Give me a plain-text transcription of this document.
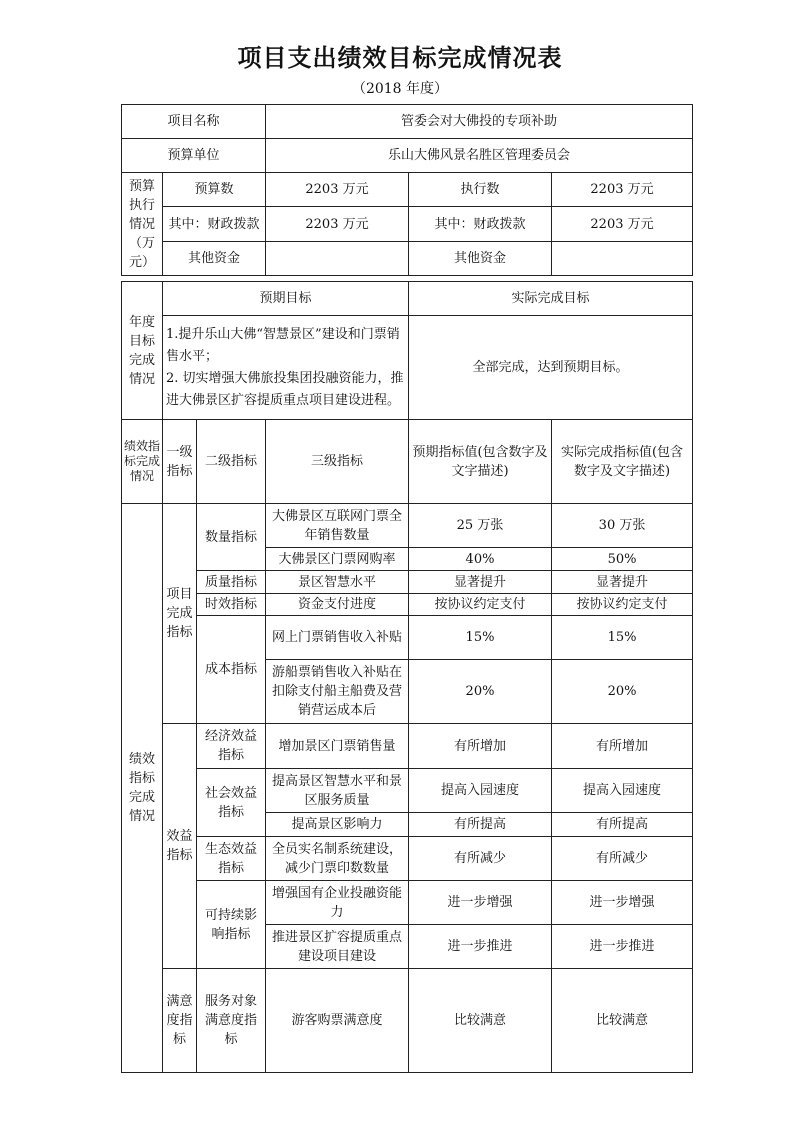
项目支出绩效目标完成情况表
（2018 年度）
项目名称			管委会对大佛投的专项补助		
预算单位			乐山大佛风景名胜区管理委员会		
预算执行情况（万元）	预算数		2203 万元	执行数	2203 万元
	其中：财政拨款		2203 万元	其中：财政拨款	2203 万元
	其他资金			其他资金	

年度目标完成情况	预期目标			实际完成目标	
	1.提升乐山大佛“智慧景区”建设和门票销售水平；
2. 切实增强大佛旅投集团投融资能力，推进大佛景区扩容提质重点项目建设进程。			全部完成，达到预期目标。	
绩效指标完成情况	一级指标	二级指标	三级指标	预期指标值(包含数字及文字描述)	实际完成指标值(包含数字及文字描述)
绩效指标完成情况	项目完成指标	数量指标	大佛景区互联网门票全年销售数量	25 万张	30 万张
			大佛景区门票网购率	40%	50%
		质量指标	景区智慧水平	显著提升	显著提升
		时效指标	资金支付进度	按协议约定支付	按协议约定支付
		成本指标	网上门票销售收入补贴	15%	15%
			游船票销售收入补贴在扣除支付船主船费及营销营运成本后	20%	20%
	效益指标	经济效益指标	增加景区门票销售量	有所增加	有所增加
		社会效益指标	提高景区智慧水平和景区服务质量	提高入园速度	提高入园速度
			提高景区影响力	有所提高	有所提高
		生态效益指标	全员实名制系统建设，减少门票印数数量	有所减少	有所减少
		可持续影响指标	增强国有企业投融资能力	进一步增强	进一步增强
			推进景区扩容提质重点建设项目建设	进一步推进	进一步推进
	满意度指标	服务对象满意度指标	游客购票满意度	比较满意	比较满意
